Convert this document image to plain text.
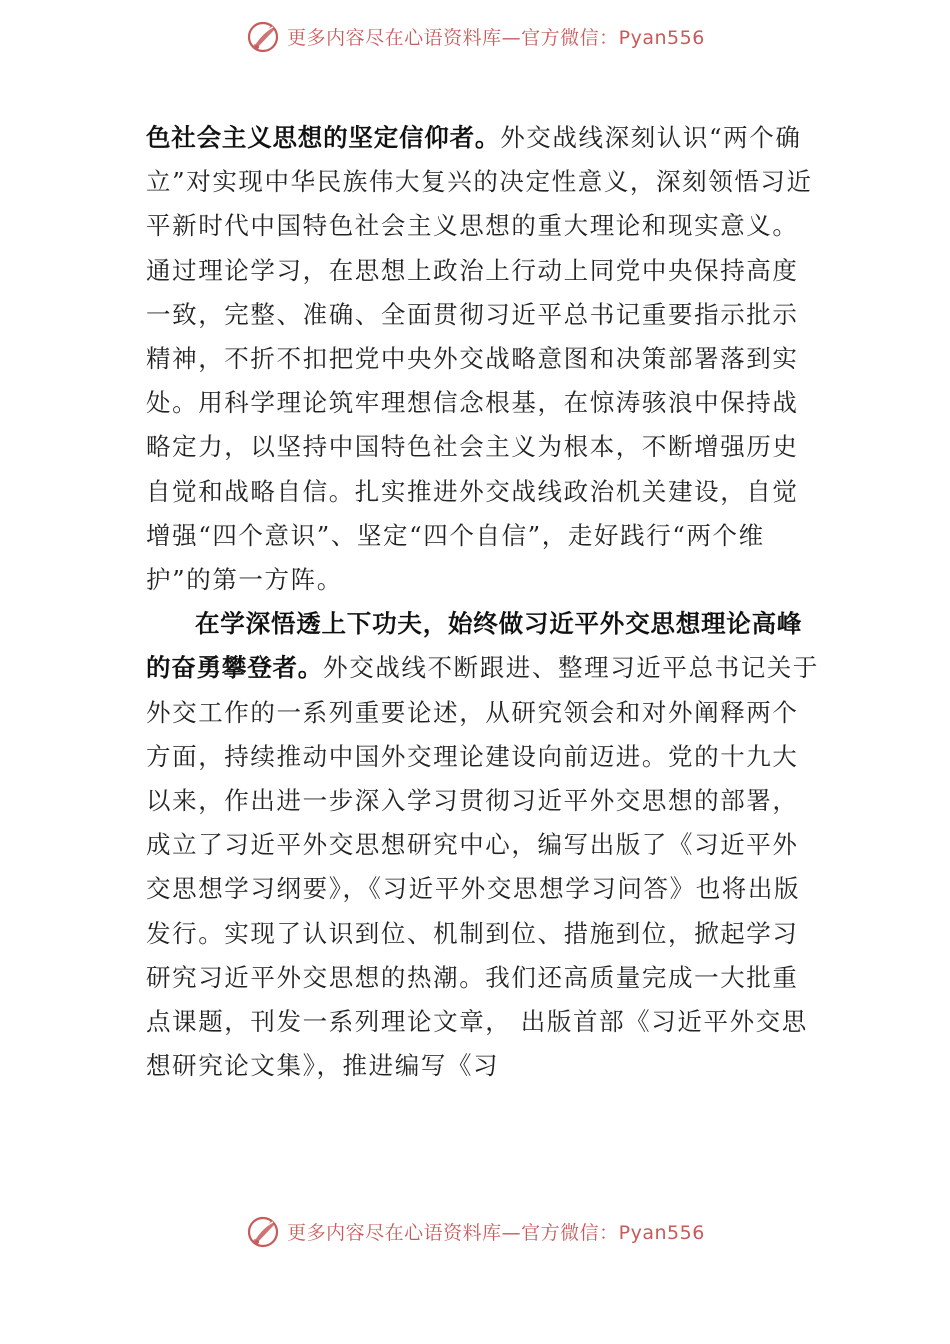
更多内容尽在心语资料库—官方微信：Pyan556

色社会主义思想的坚定信仰者。外交战线深刻认识“两个确立”对实现中华民族伟大复兴的决定性意义，深刻领悟习近平新时代中国特色社会主义思想的重大理论和现实意义。通过理论学习，在思想上政治上行动上同党中央保持高度一致，完整、准确、全面贯彻习近平总书记重要指示批示精神，不折不扣把党中央外交战略意图和决策部署落到实处。用科学理论筑牢理想信念根基，在惊涛骇浪中保持战略定力，以坚持中国特色社会主义为根本，不断增强历史自觉和战略自信。扎实推进外交战线政治机关建设，自觉增强“四个意识”、坚定“四个自信”，走好践行“两个维护”的第一方阵。

在学深悟透上下功夫，始终做习近平外交思想理论高峰的奋勇攀登者。外交战线不断跟进、整理习近平总书记关于外交工作的一系列重要论述，从研究领会和对外阐释两个方面，持续推动中国外交理论建设向前迈进。党的十九大以来，作出进一步深入学习贯彻习近平外交思想的部署，成立了习近平外交思想研究中心，编写出版了《习近平外交思想学习纲要》，《习近平外交思想学习问答》也将出版发行。实现了认识到位、机制到位、措施到位，掀起学习研究习近平外交思想的热潮。我们还高质量完成一大批重点课题，刊发一系列理论文章， 出版首部《习近平外交思想研究论文集》，推进编写《习

更多内容尽在心语资料库—官方微信：Pyan556
